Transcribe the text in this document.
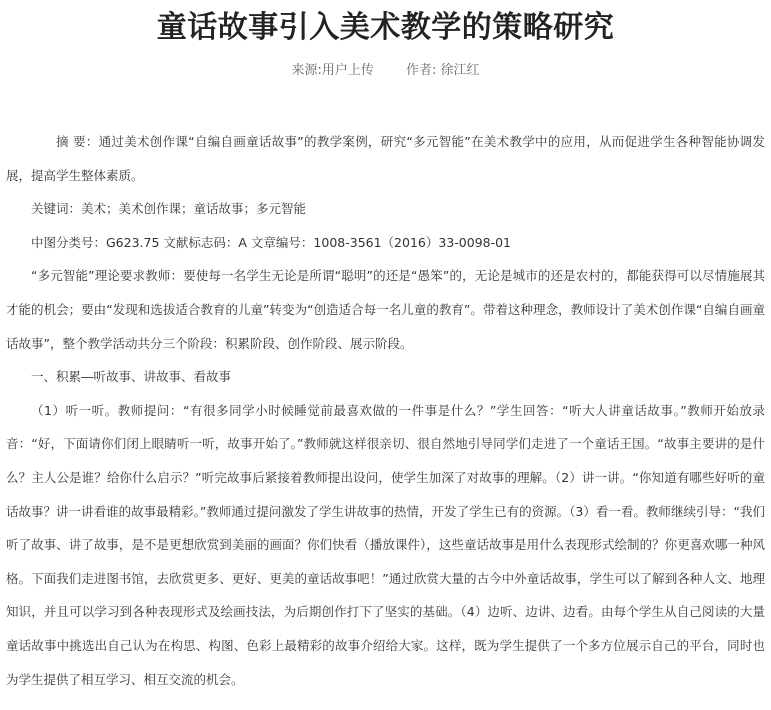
童话故事引入美术教学的策略研究
来源:用户上传 作者: 徐江红

摘 要：通过美术创作课“自编自画童话故事”的教学案例，研究“多元智能”在美术教学中的应用，从而促进学生各种智能协调发展，提高学生整体素质。

关键词：美术；美术创作课；童话故事；多元智能

中图分类号：G623.75 文献标志码：A 文章编号：1008-3561（2016）33-0098-01

“多元智能”理论要求教师：要使每一名学生无论是所谓“聪明”的还是“愚笨”的，无论是城市的还是农村的，都能获得可以尽情施展其才能的机会；要由“发现和选拔适合教育的儿童”转变为“创造适合每一名儿童的教育”。带着这种理念，教师设计了美术创作课“自编自画童话故事”，整个教学活动共分三个阶段：积累阶段、创作阶段、展示阶段。

一、积累―听故事、讲故事、看故事

（1）听一听。教师提问：“有很多同学小时候睡觉前最喜欢做的一件事是什么？”学生回答：“听大人讲童话故事。”教师开始放录音：“好，下面请你们闭上眼睛听一听，故事开始了。”教师就这样很亲切、很自然地引导同学们走进了一个童话王国。“故事主要讲的是什么？主人公是谁？给你什么启示？”听完故事后紧接着教师提出设问，使学生加深了对故事的理解。（2）讲一讲。“你知道有哪些好听的童话故事？讲一讲看谁的故事最精彩。”教师通过提问激发了学生讲故事的热情，开发了学生已有的资源。（3）看一看。教师继续引导：“我们听了故事、讲了故事，是不是更想欣赏到美丽的画面？你们快看（播放课件），这些童话故事是用什么表现形式绘制的？你更喜欢哪一种风格。下面我们走进图书馆，去欣赏更多、更好、更美的童话故事吧！”通过欣赏大量的古今中外童话故事，学生可以了解到各种人文、地理知识，并且可以学习到各种表现形式及绘画技法，为后期创作打下了坚实的基础。（4）边听、边讲、边看。由每个学生从自己阅读的大量童话故事中挑选出自己认为在构思、构图、色彩上最精彩的故事介绍给大家。这样，既为学生提供了一个多方位展示自己的平台，同时也为学生提供了相互学习、相互交流的机会。
